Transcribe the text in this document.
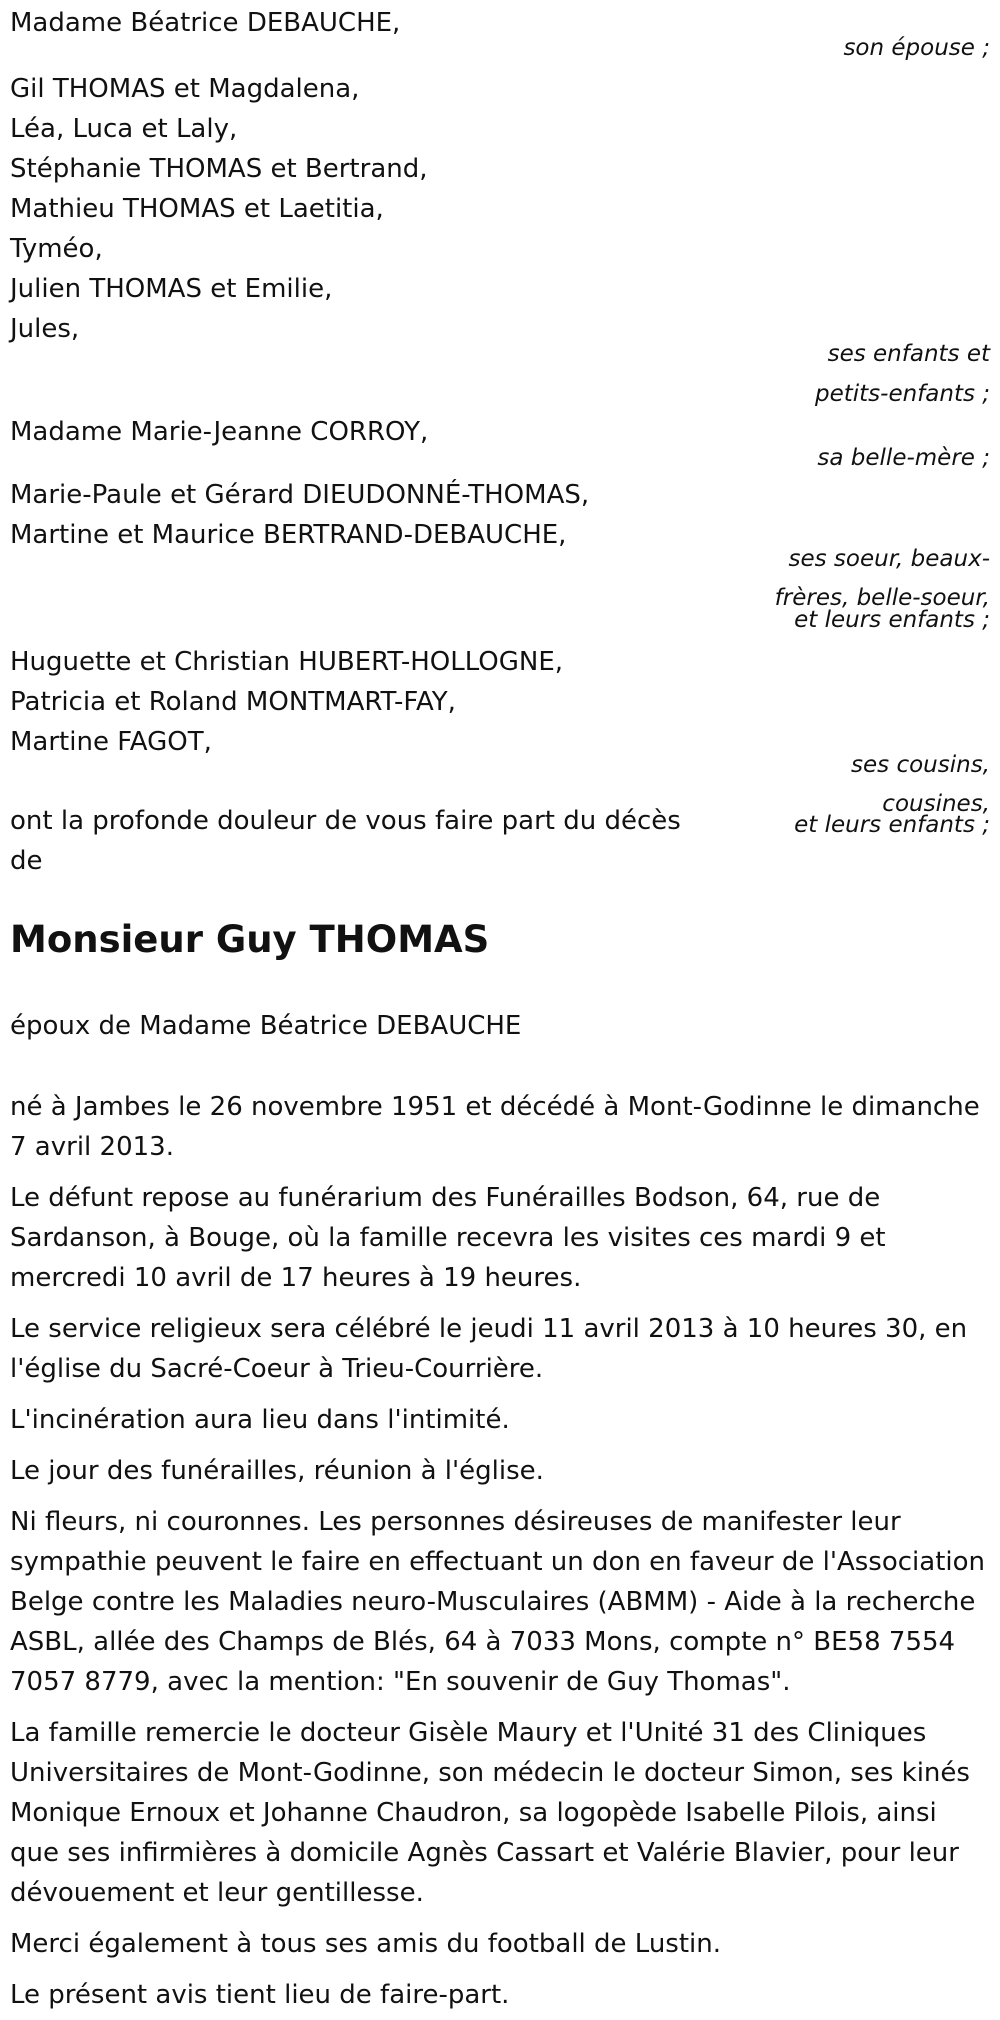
Madame Béatrice DEBAUCHE,

son épouse ;

Gil THOMAS et Magdalena,

Léa, Luca et Laly,

Stéphanie THOMAS et Bertrand,

Mathieu THOMAS et Laetitia,

Tyméo,

Julien THOMAS et Emilie,

Jules,

ses enfants et

petits-enfants ;

Madame Marie-Jeanne CORROY,

sa belle-mère ;

Marie-Paule et Gérard DIEUDONNÉ-THOMAS,

Martine et Maurice BERTRAND-DEBAUCHE,

ses soeur, beaux-

frères, belle-soeur,

et leurs enfants ;

Huguette et Christian HUBERT-HOLLOGNE,

Patricia et Roland MONTMART-FAY,

Martine FAGOT,

ses cousins,

cousines,

et leurs enfants ;

ont la profonde douleur de vous faire part du décès

de

Monsieur Guy THOMAS

époux de Madame Béatrice DEBAUCHE

né à Jambes le 26 novembre 1951 et décédé à Mont-Godinne le dimanche 7 avril 2013.

Le défunt repose au funérarium des Funérailles Bodson, 64, rue de Sardanson, à Bouge, où la famille recevra les visites ces mardi 9 et mercredi 10 avril de 17 heures à 19 heures.

Le service religieux sera célébré le jeudi 11 avril 2013 à 10 heures 30, en l'église du Sacré-Coeur à Trieu-Courrière.

L'incinération aura lieu dans l'intimité.

Le jour des funérailles, réunion à l'église.

Ni fleurs, ni couronnes. Les personnes désireuses de manifester leur sympathie peuvent le faire en effectuant un don en faveur de l'Association Belge contre les Maladies neuro-Musculaires (ABMM) - Aide à la recherche ASBL, allée des Champs de Blés, 64 à 7033 Mons, compte n° BE58 7554 7057 8779, avec la mention: "En souvenir de Guy Thomas".

La famille remercie le docteur Gisèle Maury et l'Unité 31 des Cliniques Universitaires de Mont-Godinne, son médecin le docteur Simon, ses kinés Monique Ernoux et Johanne Chaudron, sa logopède Isabelle Pilois, ainsi que ses infirmières à domicile Agnès Cassart et Valérie Blavier, pour leur dévouement et leur gentillesse.

Merci également à tous ses amis du football de Lustin.

Le présent avis tient lieu de faire-part.
